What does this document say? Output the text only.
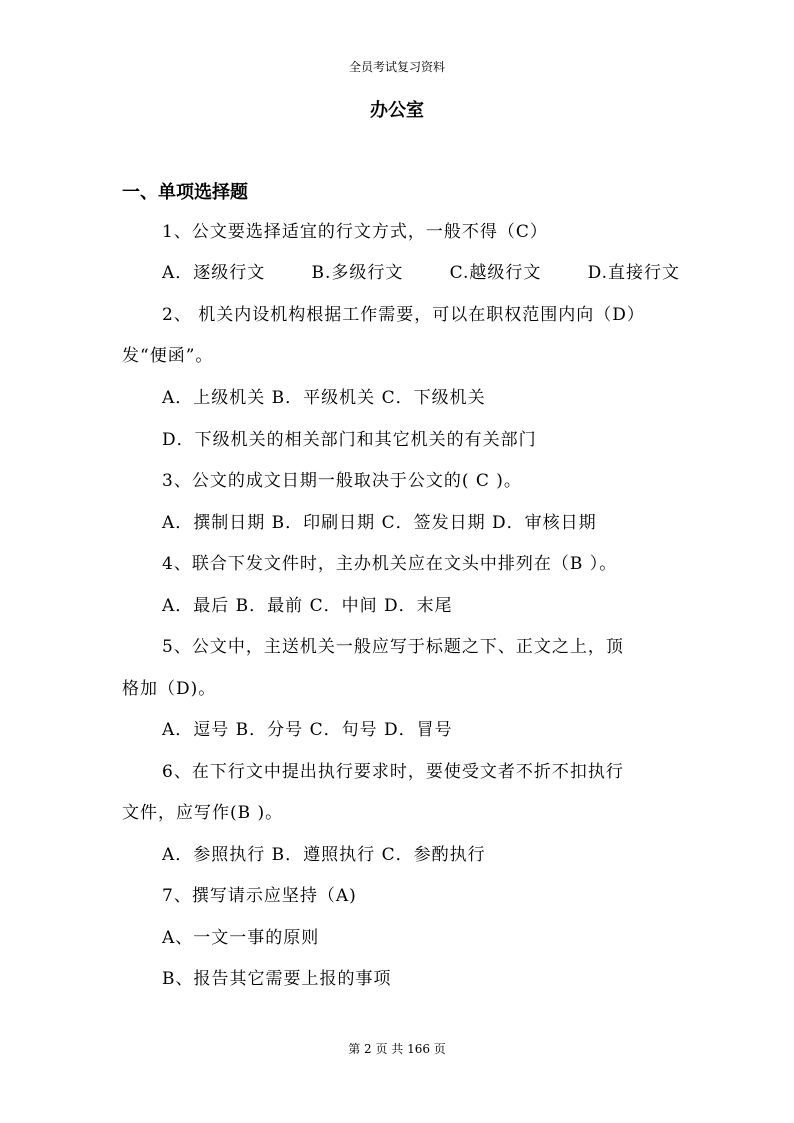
全员考试复习资料
办公室
一、单项选择题
1、公文要选择适宜的行文方式，一般不得（C）
A．逐级行文	B.多级行文	C.越级行文	D.直接行文
2、 机关内设机构根据工作需要，可以在职权范围内向（D）
发“便函”。
A．上级机关 B．平级机关 C．下级机关
D．下级机关的相关部门和其它机关的有关部门
3、公文的成文日期一般取决于公文的( C )。
A．撰制日期 B．印刷日期 C．签发日期 D．审核日期
4、联合下发文件时，主办机关应在文头中排列在（B ）。
A．最后 B．最前 C．中间 D．末尾
5、公文中，主送机关一般应写于标题之下、正文之上，顶
格加（D)。
A．逗号 B．分号 C．句号 D．冒号
6、在下行文中提出执行要求时，要使受文者不折不扣执行
文件，应写作(B )。
A．参照执行 B．遵照执行 C．参酌执行
7、撰写请示应坚持（A)
A、一文一事的原则
B、报告其它需要上报的事项
第 2 页 共 166 页
